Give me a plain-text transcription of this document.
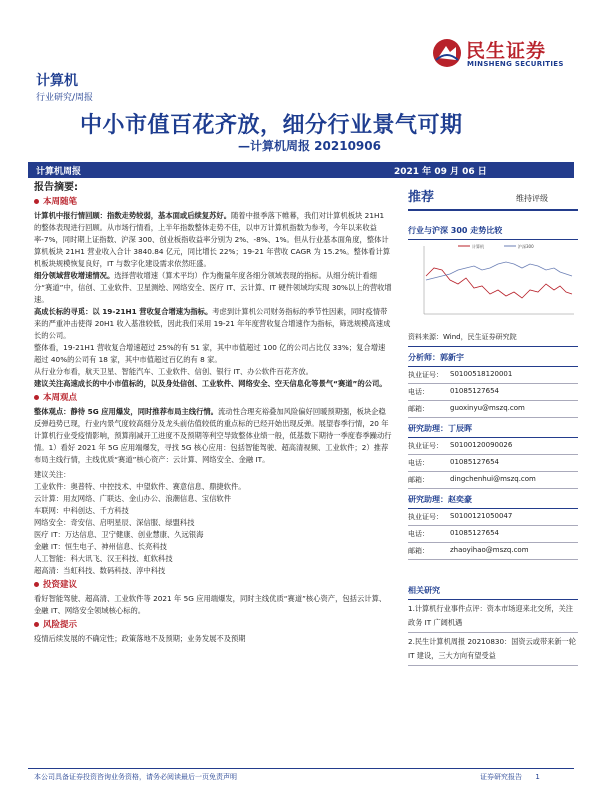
民生证券
MINSHENG SECURITIES
计算机
行业研究/周报
中小市值百花齐放，细分行业景气可期
—计算机周报 20210906
计算机周报	2021 年 09 月 06 日
报告摘要:
本周随笔

计算机中报行情回顾：指数走势较弱，基本面或后续复苏好。随着中报季落下帷幕，我们对计算机板块 21H1 的整体表现进行回顾。从市场行情看，上半年指数整体走势不佳，以申万计算机指数为参考，今年以来收益率-7%，同时期上证指数、沪深 300、创业板指收益率分别为 2%、-8%、1%。但从行业基本面角度，整体计算机板块 21H1 营业收入合计 3840.84 亿元，同比增长 22%；19-21 年营收 CAGR 为 15.2%。整体看计算机板块规模恢复良好，IT 与数字化建设需求依然旺盛。

细分领域营收增速情况。选择营收增速（算术平均）作为衡量年度各细分领域表现的指标。从细分统计看细分“赛道”中，信创、工业软件、卫星测绘、网络安全、医疗 IT、云计算、IT 硬件领域均实现 30%以上的营收增速。

高成长标的寻觅：以 19-21H1 营收复合增速为指标。考虑到计算机公司财务指标的季节性因素，同时疫情带来的严重冲击使得 20H1 收入基准较低，因此我们采用 19-21 年年度营收复合增速作为指标，筛选规模高速成长的公司。

整体看，19-21H1 营收复合增速超过 25%的有 51 家，其中市值超过 100 亿的公司占比仅 33%；复合增速超过 40%的公司有 18 家，其中市值超过百亿的有 8 家。

从行业分布看，航天卫星、智能汽车、工业软件、信创、银行 IT、办公软件百花齐放。

建议关注高速成长的中小市值标的，以及身处信创、工业软件、网络安全、空天信息化等景气“赛道”的公司。

本周观点

整体观点：静待 5G 应用爆发，同时推荐布局主线行情。流动性合理充裕叠加风险偏好回暖预期强，板块企稳反弹趋势已现，行业内景气度较高细分及龙头前估值较低的重点标的已经开始出现反弹。展望春季行情，20 年计算机行业受疫情影响，预算削减开工进度不及预期等利空导致整体业绩一般，低基数下期待一季度春季躁动行情。1）看好 2021 年 5G 应用端爆发，寻找 5G 核心应用：包括智能驾驶、超高清视频、工业软件；2）推荐布局主线行情，主线优质“赛道”核心资产：云计算、网络安全、金融 IT。

建议关注：

工业软件：奥普特、中控技术、中望软件、赛意信息、鼎捷软件。
云计算：用友网络、广联达、金山办公、浪潮信息、宝信软件
车联网：中科创达、千方科技
网络安全：奇安信、启明星辰、深信服、绿盟科技
医疗 IT：万达信息、卫宁健康、创业慧康、久远银海
金融 IT：恒生电子、神州信息、长亮科技
人工智能：科大讯飞、汉王科技、虹软科技
超高清：当虹科技、数码科技、淳中科技
投资建议

看好智能驾驶、超高清、工业软件等 2021 年 5G 应用端爆发，同时主线优质“赛道”核心资产，包括云计算、金融 IT、网络安全领域核心标的。

风险提示

疫情后续发展的不确定性；政策落地不及预期；业务发展不及预期

推荐	维持评级
行业与沪深 300 走势比较
计算机	沪深300
资料来源：Wind，民生证券研究院
分析师：郭新宇
执业证号：	S0100518120001
电话：	01085127654
邮箱：	guoxinyu@mszq.com
研究助理：丁辰晖
执业证号：	S0100120090026
电话：	01085127654
邮箱：	dingchenhui@mszq.com
研究助理：赵奕豪
执业证号：	S0100121050047
电话：	01085127654
邮箱：	zhaoyihao@mszq.com
相关研究
1.计算机行业事件点评：资本市场迎来北交所，关注政务 IT 广阔机遇
2.民生计算机周报 20210830：国资云或带来新一轮 IT 建设，三大方向有望受益
本公司具备证券投资咨询业务资格，请务必阅读最后一页免责声明	证券研究报告 1
